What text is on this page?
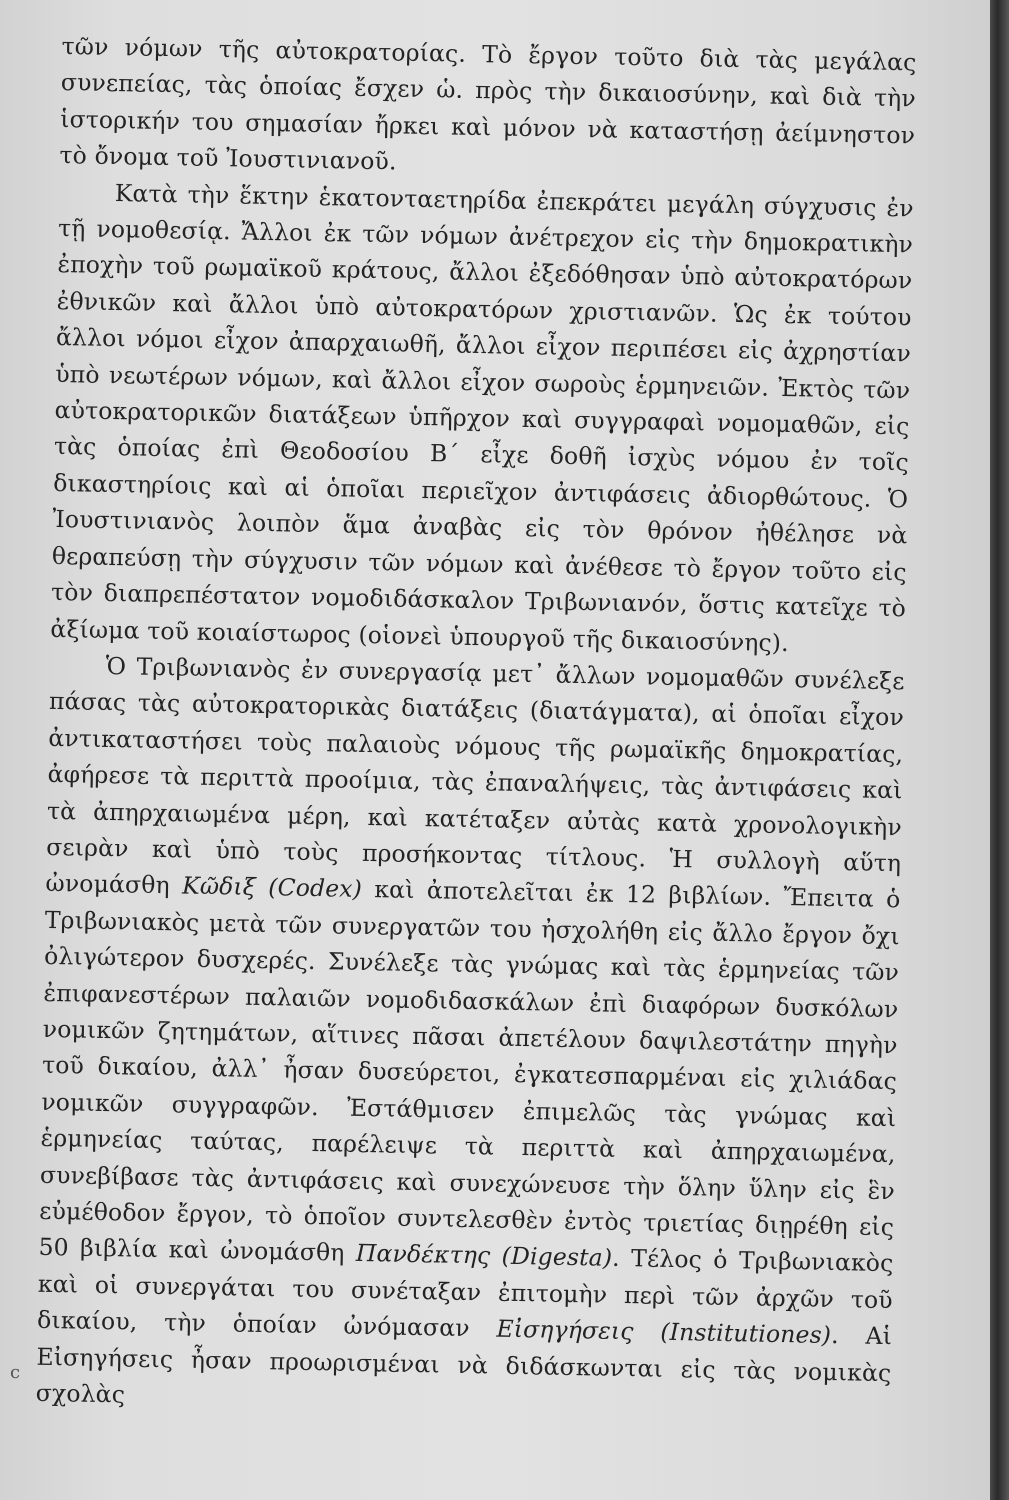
τῶν νόμων τῆς αὐτοκρατορίας. Τὸ ἔργον τοῦτο διὰ τὰς μεγάλας συνεπείας, τὰς ὁποίας ἔσχεν ὡ. πρὸς τὴν δικαιοσύνην, καὶ διὰ τὴν ἱστορικήν του σημασίαν ἤρκει καὶ μόνον νὰ καταστήσῃ ἀείμνηστον τὸ ὄνομα τοῦ Ἰουστινιανοῦ.

Κατὰ τὴν ἕκτην ἑκατονταετηρίδα ἐπεκράτει μεγάλη σύγχυσις ἐν τῇ νομοθεσίᾳ. Ἄλλοι ἐκ τῶν νόμων ἀνέτρεχον εἰς τὴν δημοκρατικὴν ἐποχὴν τοῦ ρωμαϊκοῦ κράτους, ἄλλοι ἐξεδόθησαν ὑπὸ αὐτοκρατόρων ἐθνικῶν καὶ ἄλλοι ὑπὸ αὐτοκρατόρων χριστιανῶν. Ὡς ἐκ τούτου ἄλλοι νόμοι εἶχον ἀπαρχαιωθῆ, ἄλλοι εἶχον περιπέσει εἰς ἀχρηστίαν ὑπὸ νεωτέρων νόμων, καὶ ἄλλοι εἶχον σωροὺς ἑρμηνειῶν. Ἐκτὸς τῶν αὐτοκρατορικῶν διατάξεων ὑπῆρχον καὶ συγγραφαὶ νομομαθῶν, εἰς τὰς ὁποίας ἐπὶ Θεοδοσίου Β΄ εἶχε δοθῆ ἰσχὺς νόμου ἐν τοῖς δικαστηρίοις καὶ αἱ ὁποῖαι περιεῖχον ἀντιφάσεις ἀδιορθώτους. Ὁ Ἰουστινιανὸς λοιπὸν ἅμα ἀναβὰς εἰς τὸν θρόνον ἠθέλησε νὰ θεραπεύσῃ τὴν σύγχυσιν τῶν νόμων καὶ ἀνέθεσε τὸ ἔργον τοῦτο εἰς τὸν διαπρεπέστατον νομοδιδάσκαλον Τριβωνιανόν, ὅστις κατεῖχε τὸ ἀξίωμα τοῦ κοιαίστωρος (οἱονεὶ ὑπουργοῦ τῆς δικαιοσύνης).

Ὁ Τριβωνιανὸς ἐν συνεργασίᾳ μετ᾿ ἄλλων νομομαθῶν συνέλεξε πάσας τὰς αὐτοκρατορικὰς διατάξεις (διατάγματα), αἱ ὁποῖαι εἶχον ἀντικαταστήσει τοὺς παλαιοὺς νόμους τῆς ρωμαϊκῆς δημοκρατίας, ἀφήρεσε τὰ περιττὰ προοίμια, τὰς ἐπαναλήψεις, τὰς ἀντιφάσεις καὶ τὰ ἀπηρχαιωμένα μέρη, καὶ κατέταξεν αὐτὰς κατὰ χρονολογικὴν σειρὰν καὶ ὑπὸ τοὺς προσήκοντας τίτλους. Ἡ συλλογὴ αὕτη ὠνομάσθη Κῶδιξ (Codex) καὶ ἀποτελεῖται ἐκ 12 βιβλίων. Ἔπειτα ὁ Τριβωνιακὸς μετὰ τῶν συνεργατῶν του ἠσχολήθη εἰς ἄλλο ἔργον ὄχι ὀλιγώτερον δυσχερές. Συνέλεξε τὰς γνώμας καὶ τὰς ἑρμηνείας τῶν ἐπιφανεστέρων παλαιῶν νομοδιδασκάλων ἐπὶ διαφόρων δυσκόλων νομικῶν ζητημάτων, αἵτινες πᾶσαι ἀπετέλουν δαψιλεστάτην πηγὴν τοῦ δικαίου, ἀλλ᾿ ἦσαν δυσεύρετοι, ἐγκατεσπαρμέναι εἰς χιλιάδας νομικῶν συγγραφῶν. Ἐστάθμισεν ἐπιμελῶς τὰς γνώμας καὶ ἑρμηνείας ταύτας, παρέλειψε τὰ περιττὰ καὶ ἀπηρχαιωμένα, συνεβίβασε τὰς ἀντιφάσεις καὶ συνεχώνευσε τὴν ὅλην ὕλην εἰς ἓν εὐμέθοδον ἔργον, τὸ ὁποῖον συντελεσθὲν ἐντὸς τριετίας διῃρέθη εἰς 50 βιβλία καὶ ὠνομάσθη Πανδέκτης (Digesta). Τέλος ὁ Τριβωνιακὸς καὶ οἱ συνεργάται του συνέταξαν ἐπιτομὴν περὶ τῶν ἀρχῶν τοῦ δικαίου, τὴν ὁποίαν ὠνόμασαν Εἰσηγήσεις (Institutiones). Αἱ Εἰσηγήσεις ἦσαν προωρισμέναι νὰ διδάσκωνται εἰς τὰς νομικὰς σχολὰς

c
